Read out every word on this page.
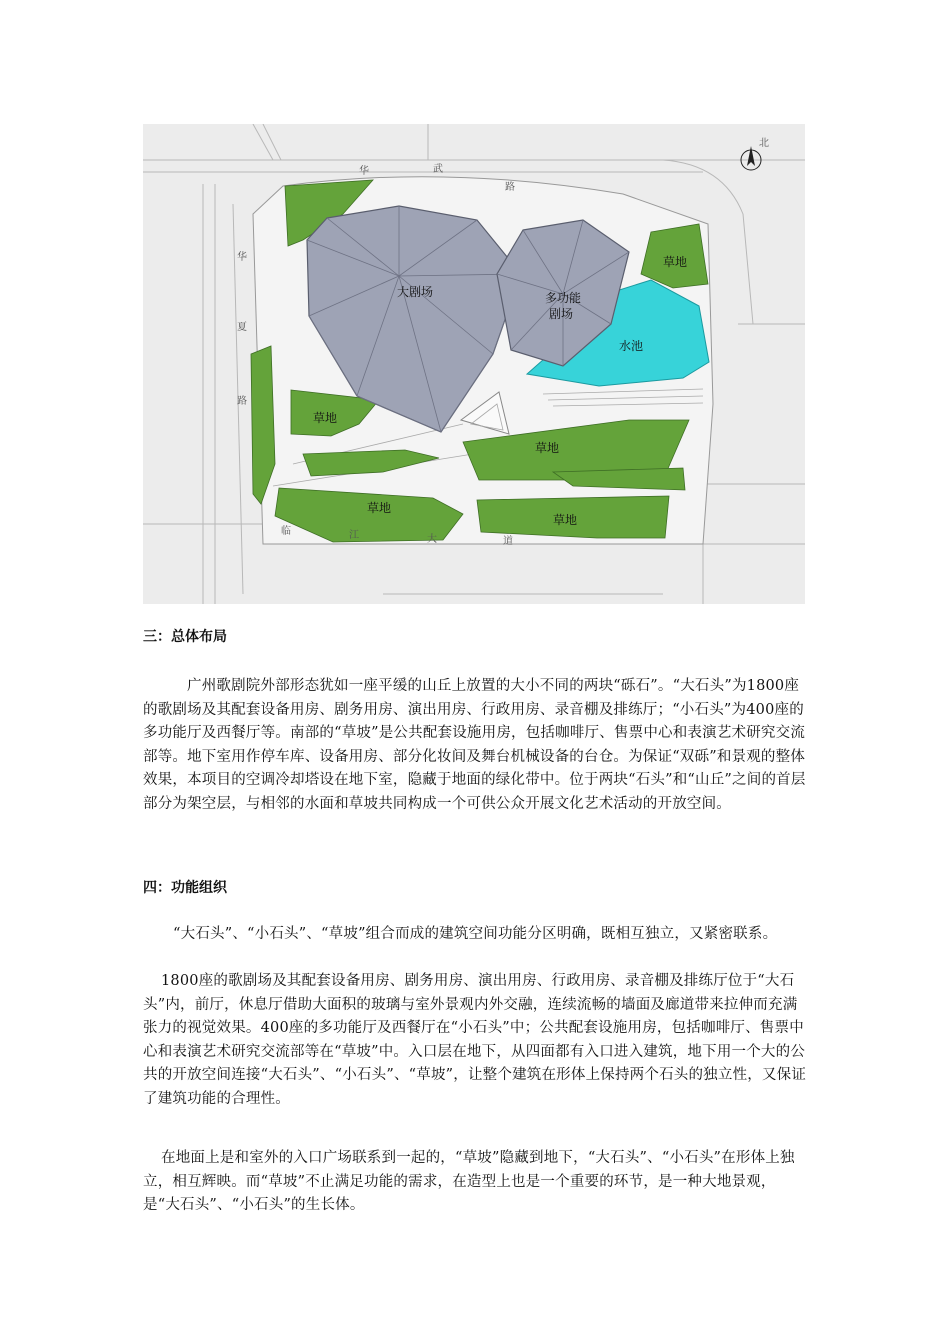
北
华	武
路
华
夏
路
临	江	大	道
大剧场	多功能
剧场
水池
草地
草地
草地
草地
草地
三：总体布局

广州歌剧院外部形态犹如一座平缓的山丘上放置的大小不同的两块“砾石”。“大石头”为1800座的歌剧场及其配套设备用房、剧务用房、演出用房、行政用房、录音棚及排练厅；“小石头”为400座的多功能厅及西餐厅等。南部的“草坡”是公共配套设施用房，包括咖啡厅、售票中心和表演艺术研究交流部等。地下室用作停车库、设备用房、部分化妆间及舞台机械设备的台仓。为保证“双砾”和景观的整体效果，本项目的空调冷却塔设在地下室，隐藏于地面的绿化带中。位于两块“石头”和“山丘”之间的首层部分为架空层，与相邻的水面和草坡共同构成一个可供公众开展文化艺术活动的开放空间。

四：功能组织

“大石头”、“小石头”、“草坡”组合而成的建筑空间功能分区明确，既相互独立，又紧密联系。

1800座的歌剧场及其配套设备用房、剧务用房、演出用房、行政用房、录音棚及排练厅位于“大石头”内，前厅，休息厅借助大面积的玻璃与室外景观内外交融，连续流畅的墙面及廊道带来拉伸而充满张力的视觉效果。400座的多功能厅及西餐厅在“小石头”中；公共配套设施用房，包括咖啡厅、售票中心和表演艺术研究交流部等在“草坡”中。入口层在地下，从四面都有入口进入建筑，地下用一个大的公共的开放空间连接“大石头”、“小石头”、“草坡”，让整个建筑在形体上保持两个石头的独立性，又保证了建筑功能的合理性。

在地面上是和室外的入口广场联系到一起的，“草坡”隐藏到地下，“大石头”、“小石头”在形体上独立，相互辉映。而“草坡”不止满足功能的需求，在造型上也是一个重要的环节，是一种大地景观，是“大石头”、“小石头”的生长体。
